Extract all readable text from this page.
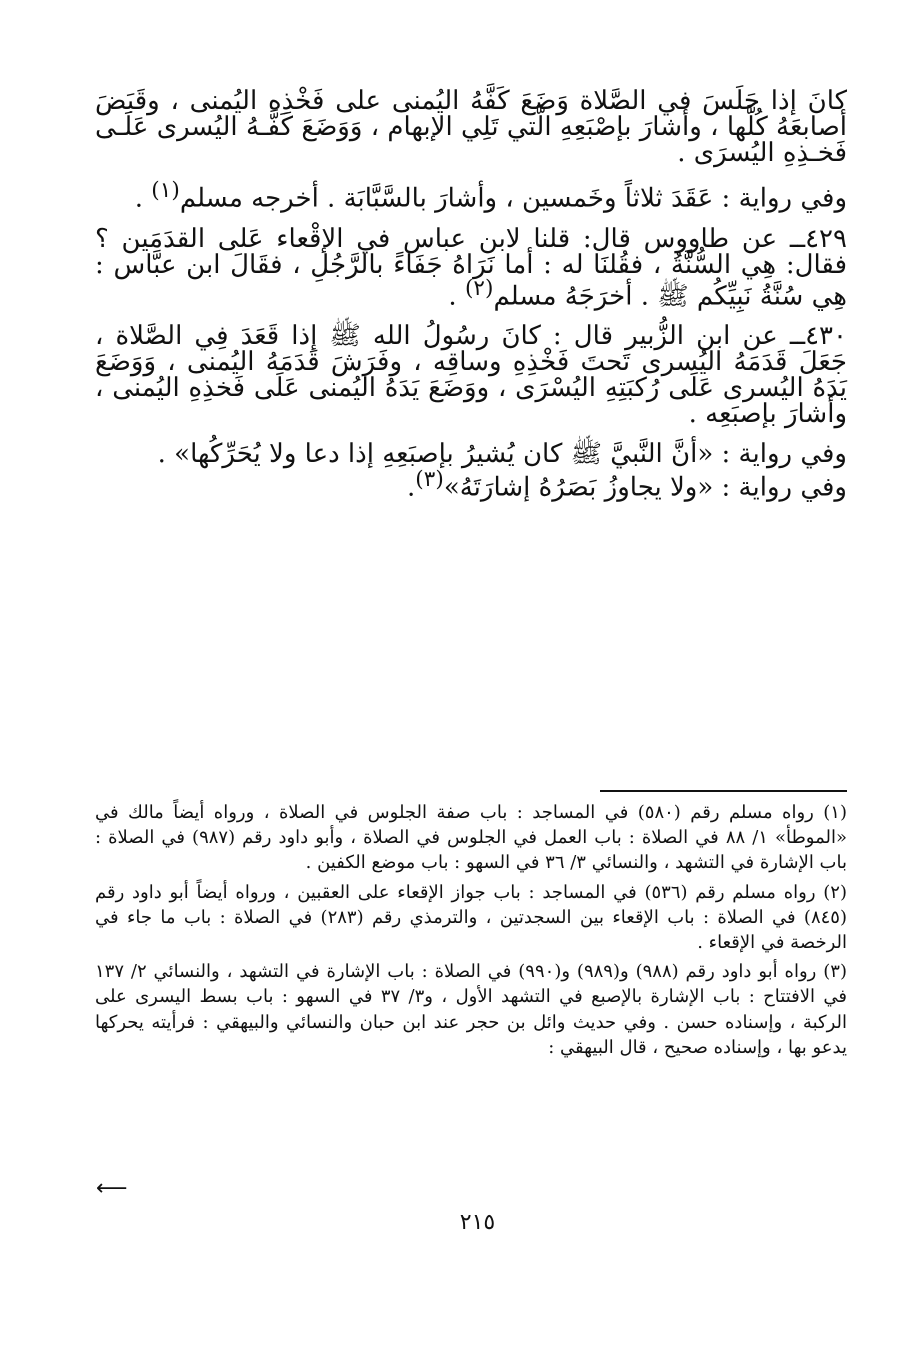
كانَ إذا جَلَسَ في الصَّلاة وَضَعَ كَفَّهُ اليُمنى على فَخْذِه اليُمنى ، وقَبَضَ أصابعَهُ كُلَّها ، وأشارَ بإصْبَعِهِ الَّتي تَلِي الإبهام ، وَوَضَعَ كَفَّـهُ اليُسرى عَلَـى فَخـذِهِ اليُسرَى .

وفي رواية : عَقَدَ ثلاثاً وخَمسين ، وأشارَ بالسَّبَّابَة . أخرجه مسلم$^{(١)}$ .

٤٢٩ــ عن طاووس قال: قلنا لابن عباس في الإقْعاء عَلى القدَمَين ؟ فقال: هِي السُّنَّةُ ، فقُلنَا له : أما نَرَاهُ جَفَاءً بالرَّجُلِ ، فقَالَ ابن عبَّاس : هِي سُنَّةُ نَبِيِّكُم ﷺ . أخرَجَهُ مسلم$^{(٢)}$ .

٤٣٠ــ عن ابن الزُّبير قال : كانَ رسُولُ الله ﷺ إذا قَعَدَ فِي الصَّلاة ، جَعَلَ قَدَمَهُ اليُسرى تَحتَ فَخْذِهِ وساقِه ، وفَرَشَ قَدَمَهُ اليُمنى ، وَوَضَعَ يَدَهُ اليُسرى عَلَى رُكبَتِهِ اليُسْرَى ، ووَضَعَ يَدَهُ اليُمنى عَلَى فَخذِهِ اليُمنى ، وأشارَ بإصبَعِه .

وفي رواية : «أنَّ النَّبيَّ ﷺ كان يُشيرُ بإصبَعِهِ إذا دعا ولا يُحَرِّكُها» .

وفي رواية : «ولا يجاوزُ بَصَرُهُ إشارَتَهُ»$^{(٣)}$.

(١) رواه مسلم رقم (٥٨٠) في المساجد : باب صفة الجلوس في الصلاة ، ورواه أيضاً مالك في «الموطأ» ١/ ٨٨ في الصلاة : باب العمل في الجلوس في الصلاة ، وأبو داود رقم (٩٨٧) في الصلاة : باب الإشارة في التشهد ، والنسائي ٣/ ٣٦ في السهو : باب موضع الكفين .

(٢) رواه مسلم رقم (٥٣٦) في المساجد : باب جواز الإقعاء على العقبين ، ورواه أيضاً أبو داود رقم (٨٤٥) في الصلاة : باب الإقعاء بين السجدتين ، والترمذي رقم (٢٨٣) في الصلاة : باب ما جاء في الرخصة في الإقعاء .

(٣) رواه أبو داود رقم (٩٨٨) و(٩٨٩) و(٩٩٠) في الصلاة : باب الإشارة في التشهد ، والنسائي ٢/ ١٣٧ في الافتتاح : باب الإشارة بالإصبع في التشهد الأول ، و٣/ ٣٧ في السهو : باب بسط اليسرى على الركبة ، وإسناده حسن . وفي حديث وائل بن حجر عند ابن حبان والنسائي والبيهقي : فرأيته يحركها يدعو بها ، وإسناده صحيح ، قال البيهقي :

⟵
٢١٥
